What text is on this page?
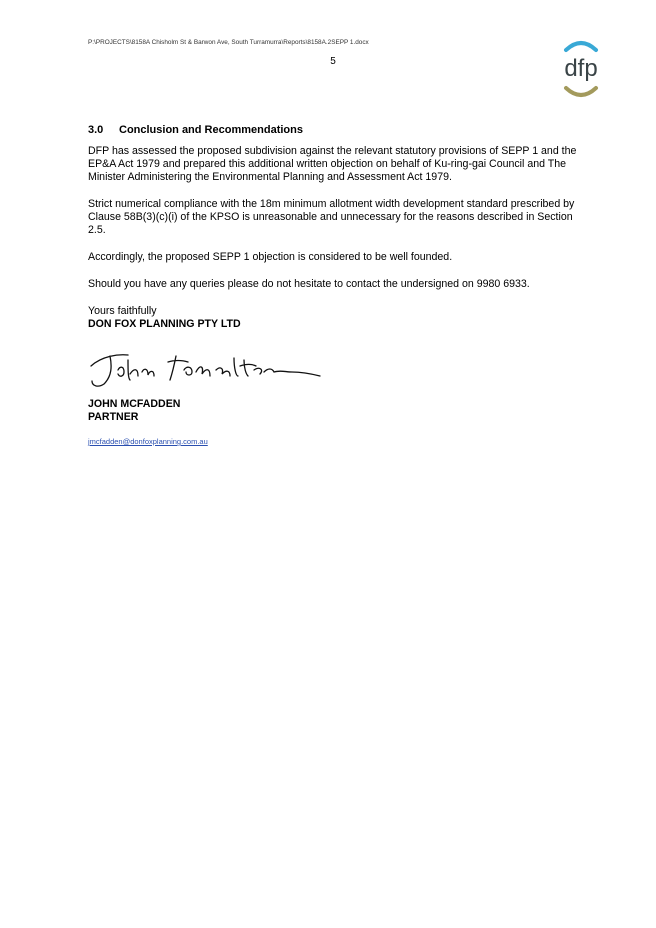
P:\PROJECTS\8158A Chisholm St & Barwon Ave, South Turramurra\Reports\8158A.2SEPP 1.docx
5	dfp
3.0 Conclusion and Recommendations
DFP has assessed the proposed subdivision against the relevant statutory provisions of SEPP 1 and the EP&A Act 1979 and prepared this additional written objection on behalf of Ku-ring-gai Council and The Minister Administering the Environmental Planning and Assessment Act 1979.
Strict numerical compliance with the 18m minimum allotment width development standard prescribed by Clause 58B(3)(c)(i) of the KPSO is unreasonable and unnecessary for the reasons described in Section 2.5.
Accordingly, the proposed SEPP 1 objection is considered to be well founded.
Should you have any queries please do not hesitate to contact the undersigned on 9980 6933.
Yours faithfully
DON FOX PLANNING PTY LTD
JOHN MCFADDEN
PARTNER
jmcfadden@donfoxplanning.com.au
